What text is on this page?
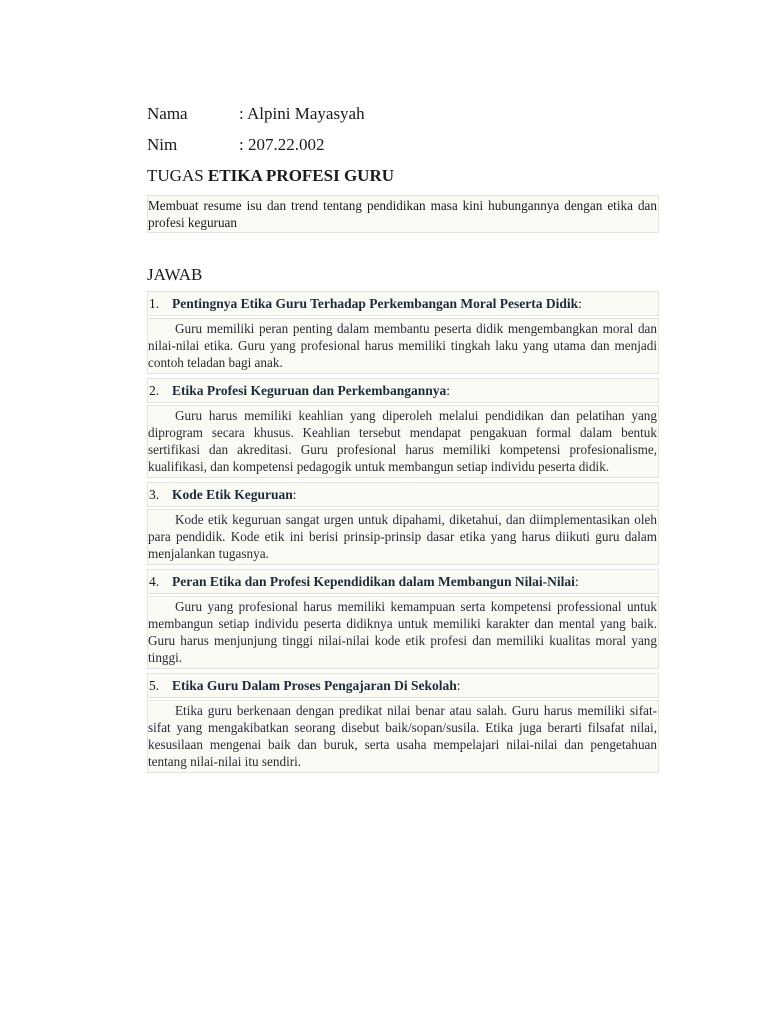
Nama	: Alpini Mayasyah
Nim	: 207.22.002
TUGAS ETIKA PROFESI GURU
Membuat resume isu dan trend tentang pendidikan masa kini hubungannya dengan etika dan profesi keguruan
JAWAB
1. Pentingnya Etika Guru Terhadap Perkembangan Moral Peserta Didik:
Guru memiliki peran penting dalam membantu peserta didik mengembangkan moral dan nilai-nilai etika. Guru yang profesional harus memiliki tingkah laku yang utama dan menjadi contoh teladan bagi anak.
2. Etika Profesi Keguruan dan Perkembangannya:
Guru harus memiliki keahlian yang diperoleh melalui pendidikan dan pelatihan yang diprogram secara khusus. Keahlian tersebut mendapat pengakuan formal dalam bentuk sertifikasi dan akreditasi. Guru profesional harus memiliki kompetensi profesionalisme, kualifikasi, dan kompetensi pedagogik untuk membangun setiap individu peserta didik.
3. Kode Etik Keguruan:
Kode etik keguruan sangat urgen untuk dipahami, diketahui, dan diimplementasikan oleh para pendidik. Kode etik ini berisi prinsip-prinsip dasar etika yang harus diikuti guru dalam menjalankan tugasnya.
4. Peran Etika dan Profesi Kependidikan dalam Membangun Nilai-Nilai:
Guru yang profesional harus memiliki kemampuan serta kompetensi professional untuk membangun setiap individu peserta didiknya untuk memiliki karakter dan mental yang baik. Guru harus menjunjung tinggi nilai-nilai kode etik profesi dan memiliki kualitas moral yang tinggi.
5. Etika Guru Dalam Proses Pengajaran Di Sekolah:
Etika guru berkenaan dengan predikat nilai benar atau salah. Guru harus memiliki sifat-sifat yang mengakibatkan seorang disebut baik/sopan/susila. Etika juga berarti filsafat nilai, kesusilaan mengenai baik dan buruk, serta usaha mempelajari nilai-nilai dan pengetahuan tentang nilai-nilai itu sendiri.
